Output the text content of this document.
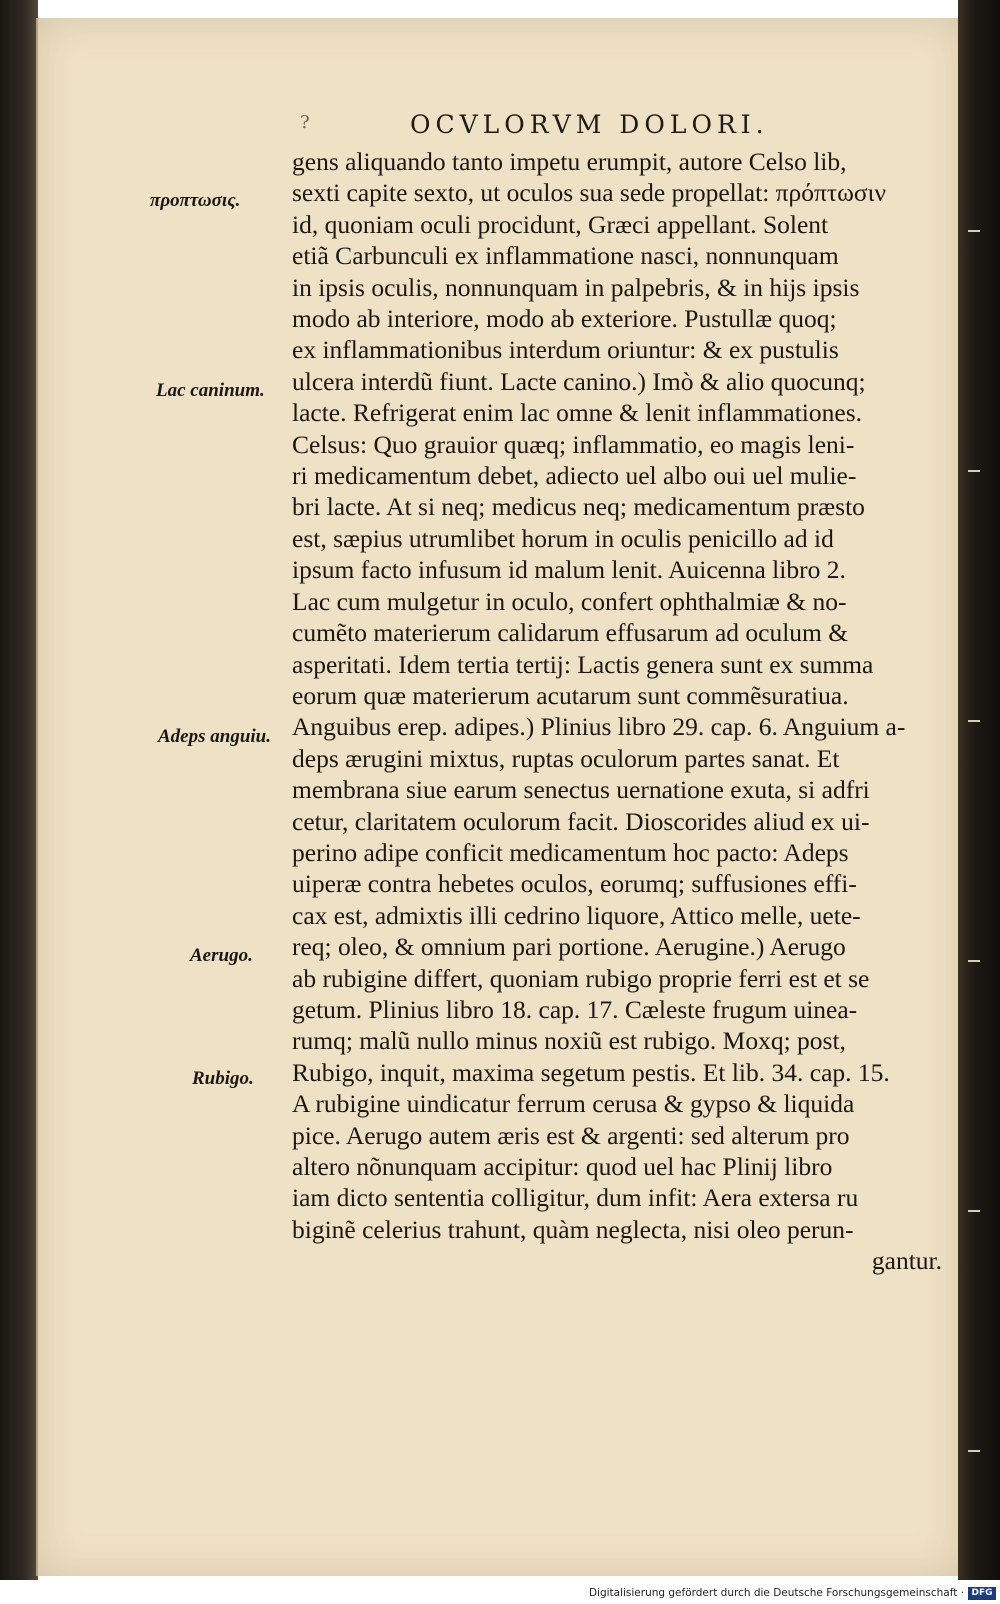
?	OCVLORVM DOLORI.
προπτωσις.
Lac caninum.
Adeps anguiu.
Aerugo.
Rubigo.
gens aliquando tanto impetu erumpit, autore Celso lib,
sexti capite sexto, ut oculos sua sede propellat: πρόπτωσιν
id, quoniam oculi procidunt, Græci appellant. Solent
etiã Carbunculi ex inflammatione nasci, nonnunquam
in ipsis oculis, nonnunquam in palpebris, & in hijs ipsis
modo ab interiore, modo ab exteriore. Pustullæ quoq;
ex inflammationibus interdum oriuntur: & ex pustulis
ulcera interdũ fiunt. Lacte canino.) Imò & alio quocunq;
lacte. Refrigerat enim lac omne & lenit inflammationes.
Celsus: Quo grauior quæq; inflammatio, eo magis leni-
ri medicamentum debet, adiecto uel albo oui uel mulie-
bri lacte. At si neq; medicus neq; medicamentum præsto
est, sæpius utrumlibet horum in oculis penicillo ad id
ipsum facto infusum id malum lenit. Auicenna libro 2.
Lac cum mulgetur in oculo, confert ophthalmiæ & no-
cumẽto materierum calidarum effusarum ad oculum &
asperitati. Idem tertia tertij: Lactis genera sunt ex summa
eorum quæ materierum acutarum sunt commẽsuratiua.
Anguibus erep. adipes.) Plinius libro 29. cap. 6. Anguium a-
deps ærugini mixtus, ruptas oculorum partes sanat. Et
membrana siue earum senectus uernatione exuta, si adfri
cetur, claritatem oculorum facit. Dioscorides aliud ex ui-
perino adipe conficit medicamentum hoc pacto: Adeps
uiperæ contra hebetes oculos, eorumq; suffusiones effi-
cax est, admixtis illi cedrino liquore, Attico melle, uete-
req; oleo, & omnium pari portione. Aerugine.) Aerugo
ab rubigine differt, quoniam rubigo proprie ferri est et se
getum. Plinius libro 18. cap. 17. Cæleste frugum uinea-
rumq; malũ nullo minus noxiũ est rubigo. Moxq; post,
Rubigo, inquit, maxima segetum pestis. Et lib. 34. cap. 15.
A rubigine uindicatur ferrum cerusa & gypso & liquida
pice. Aerugo autem æris est & argenti: sed alterum pro
altero nõnunquam accipitur: quod uel hac Plinij libro
iam dicto sententia colligitur, dum infit: Aera extersa ru
biginẽ celerius trahunt, quàm neglecta, nisi oleo perun-
gantur.
Digitalisierung gefördert durch die Deutsche Forschungsgemeinschaft · DFG
